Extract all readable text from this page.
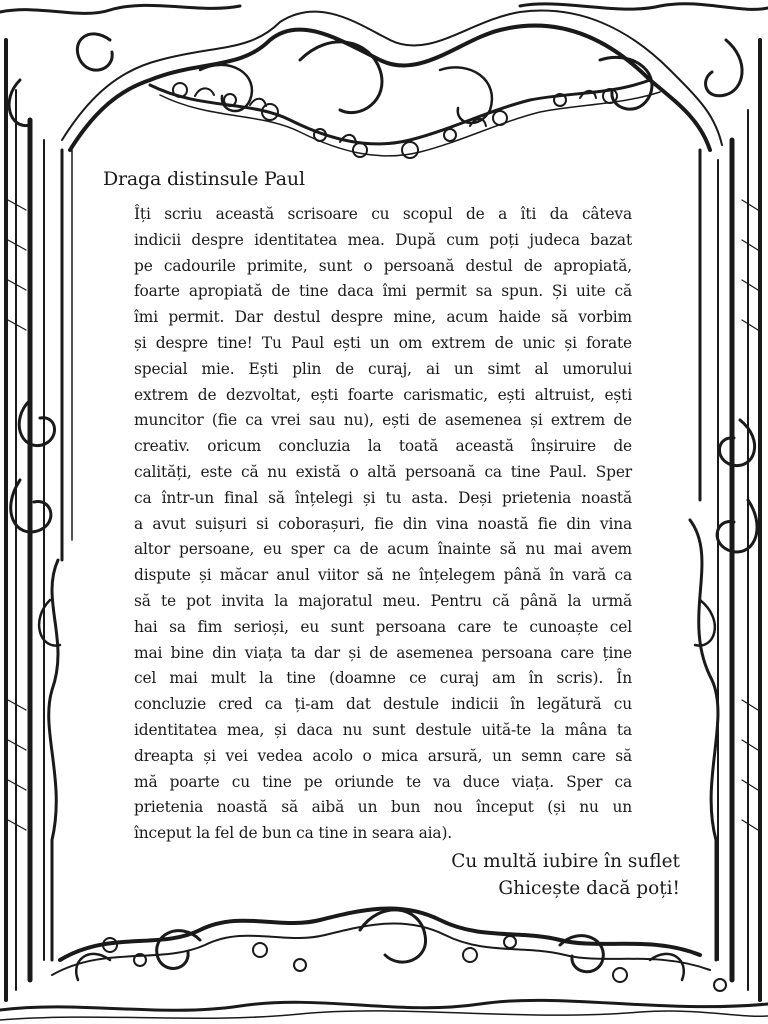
Draga distinsule Paul
Îți scriu această scrisoare cu scopul de a îti da câteva
indicii despre identitatea mea. După cum poți judeca bazat
pe cadourile primite, sunt o persoană destul de apropiată,
foarte apropiată de tine daca îmi permit sa spun. Și uite că
îmi permit. Dar destul despre mine, acum haide să vorbim
și despre tine! Tu Paul ești un om extrem de unic și forate
special mie. Ești plin de curaj, ai un simt al umorului
extrem de dezvoltat, ești foarte carismatic, ești altruist, ești
muncitor (fie ca vrei sau nu), ești de asemenea și extrem de
creativ. oricum concluzia la toată această înșiruire de
calități, este că nu există o altă persoană ca tine Paul. Sper
ca într-un final să înțelegi și tu asta. Deși prietenia noastă
a avut suișuri si coborașuri, fie din vina noastă fie din vina
altor persoane, eu sper ca de acum înainte să nu mai avem
dispute și măcar anul viitor să ne înțelegem până în vară ca
să te pot invita la majoratul meu. Pentru că până la urmă
hai sa fim serioși, eu sunt persoana care te cunoaște cel
mai bine din viața ta dar și de asemenea persoana care ține
cel mai mult la tine (doamne ce curaj am în scris). În
concluzie cred ca ți-am dat destule indicii în legătură cu
identitatea mea, și daca nu sunt destule uită-te la mâna ta
dreapta și vei vedea acolo o mica arsură, un semn care să
mă poarte cu tine pe oriunde te va duce viața. Sper ca
prietenia noastă să aibă un bun nou început (și nu un
început la fel de bun ca tine in seara aia).
Cu multă iubire în suflet
Ghicește dacă poți!
